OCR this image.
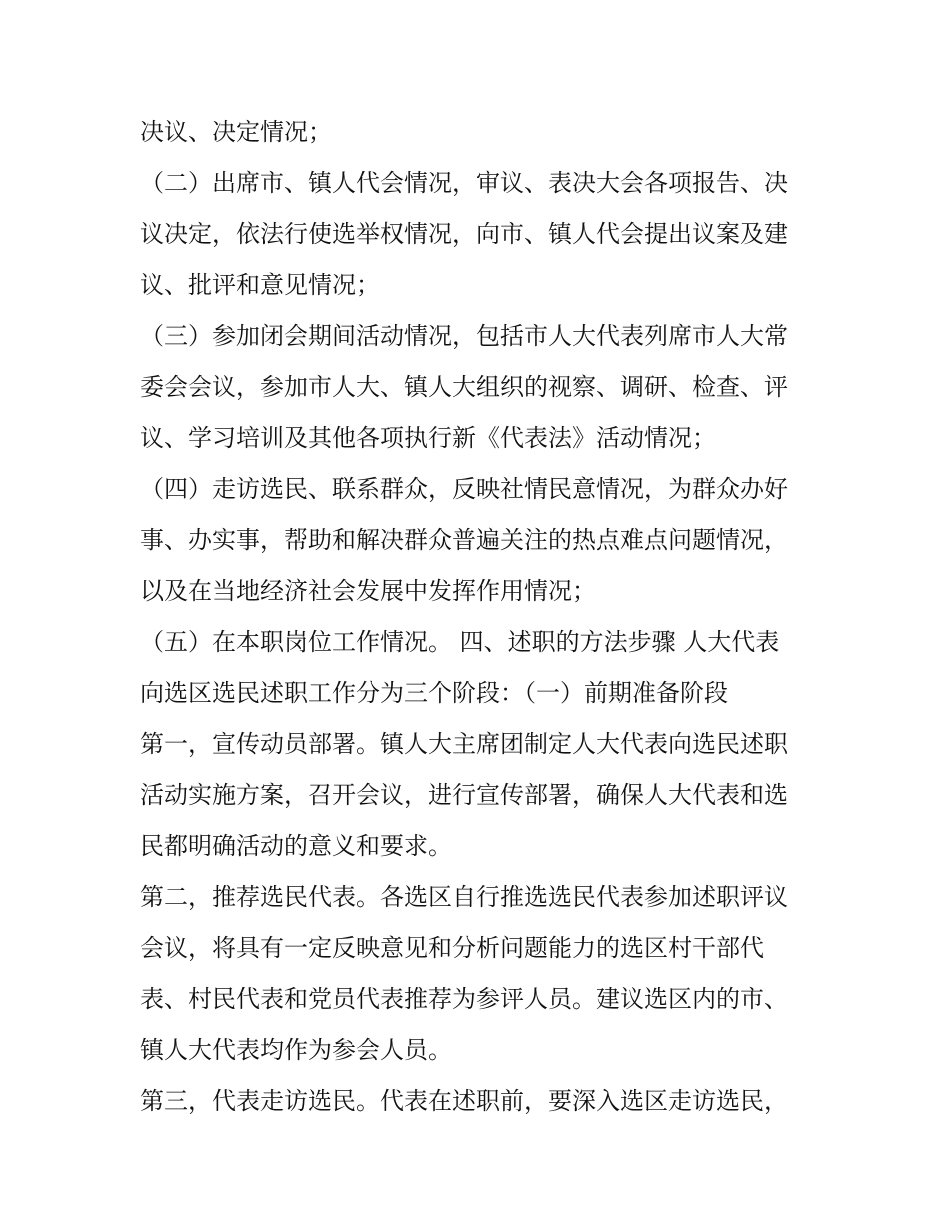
决议、决定情况；
（二）出席市、镇人代会情况，审议、表决大会各项报告、决
议决定，依法行使选举权情况，向市、镇人代会提出议案及建
议、批评和意见情况；
（三）参加闭会期间活动情况，包括市人大代表列席市人大常
委会会议，参加市人大、镇人大组织的视察、调研、检查、评
议、学习培训及其他各项执行新《代表法》活动情况；
（四）走访选民、联系群众，反映社情民意情况，为群众办好
事、办实事，帮助和解决群众普遍关注的热点难点问题情况，
以及在当地经济社会发展中发挥作用情况；
（五）在本职岗位工作情况。 四、述职的方法步骤 人大代表
向选区选民述职工作分为三个阶段：（一）前期准备阶段
第一，宣传动员部署。镇人大主席团制定人大代表向选民述职
活动实施方案，召开会议，进行宣传部署，确保人大代表和选
民都明确活动的意义和要求。
第二，推荐选民代表。各选区自行推选选民代表参加述职评议
会议，将具有一定反映意见和分析问题能力的选区村干部代
表、村民代表和党员代表推荐为参评人员。建议选区内的市、
镇人大代表均作为参会人员。
第三，代表走访选民。代表在述职前，要深入选区走访选民，
